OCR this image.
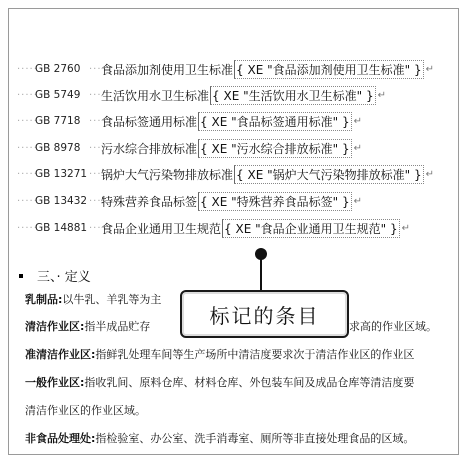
·····
GB 2760 ····
食品添加剂使用卫生标准 { XE "食品添加剂使用卫生标准" } ↵
·····
GB 5749 ····
生活饮用水卫生标准 { XE "生活饮用水卫生标准" } ↵
·····
GB 7718 ····
食品标签通用标准 { XE "食品标签通用标准" } ↵
·····
GB 8978 ····
污水综合排放标准 { XE "污水综合排放标准" } ↵
·····
GB 13271 ····
锅炉大气污染物排放标准 { XE "锅炉大气污染物排放标准" } ↵
·····
GB 13432 ····
特殊营养食品标签 { XE "特殊营养食品标签" } ↵
·····
GB 14881 ····
食品企业通用卫生规范 { XE "食品企业通用卫生规范" } ↵
三、· 定义
乳制品:以牛乳、羊乳等为主
清洁作业区:指半成品贮存	求高的作业区域。
准清洁作业区:指鲜乳处理车间等生产场所中清洁度要求次于清洁作业区的作业区
一般作业区:指收乳间、原料仓库、材料仓库、外包装车间及成品仓库等清洁度要
清洁作业区的作业区域。
非食品处理处:指检验室、办公室、洗手消毒室、厕所等非直接处理食品的区域。
标记的条目
